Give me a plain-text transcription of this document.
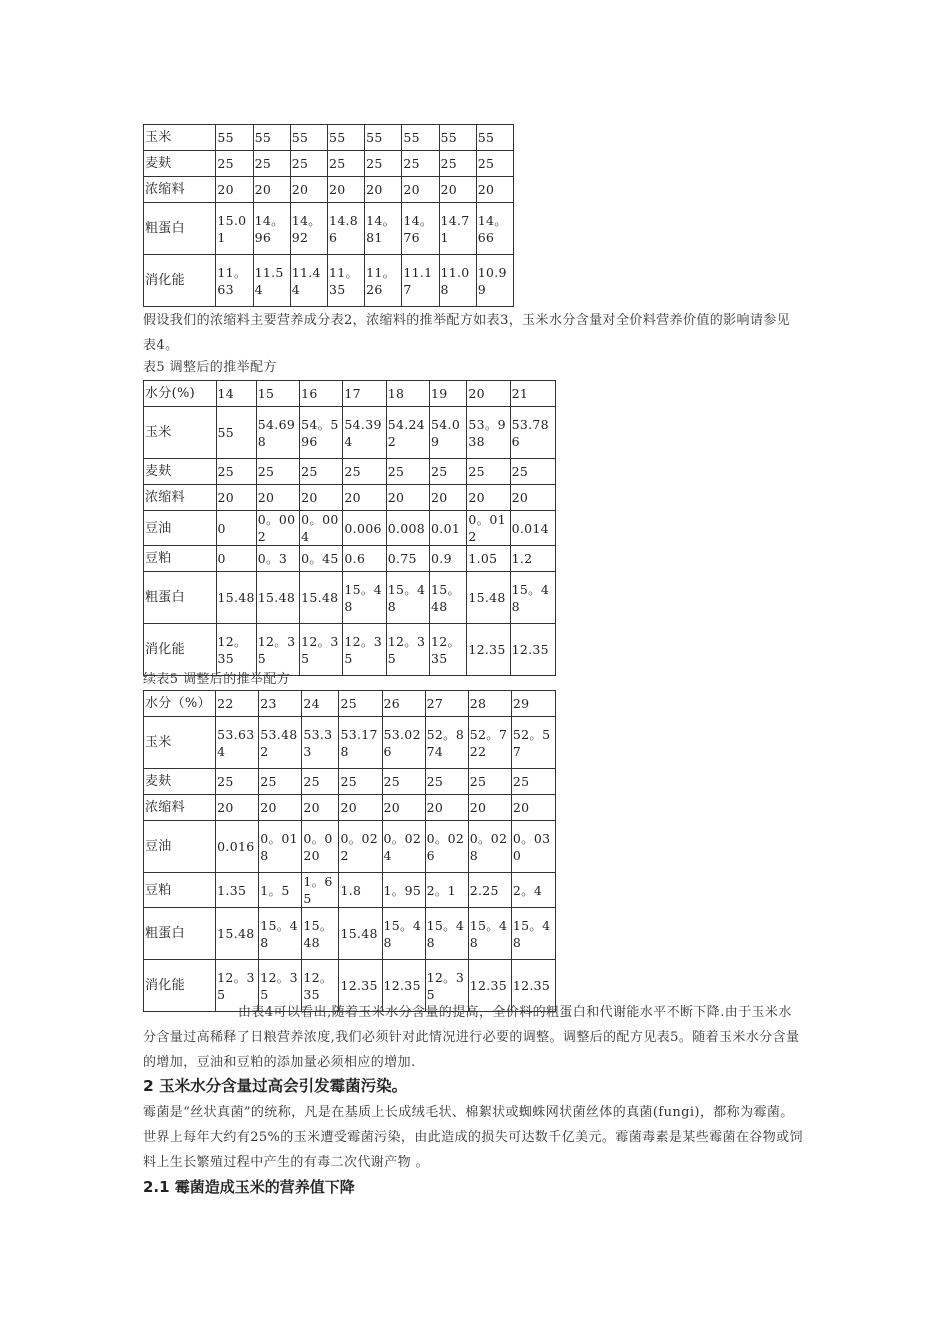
玉米	55	55	55	55	55	55	55	55
麦麸	25	25	25	25	25	25	25	25
浓缩料	20	20	20	20	20	20	20	20
粗蛋白	15.01	14。96	14。92	14.86	14。81	14。76	14.71	14。66
消化能	11。63	11.54	11.44	11。35	11。26	11.17	11.08	10.99

假设我们的浓缩料主要营养成分表2，浓缩料的推举配方如表3，玉米水分含量对全价料营养价值的影响请参见表4。

表5 调整后的推举配方
水分(%)	14	15	16	17	18	19	20	21
玉米	55	54.698	54。596	54.394	54.242	54.09	53。938	53.786
麦麸	25	25	25	25	25	25	25	25
浓缩料	20	20	20	20	20	20	20	20
豆油	0	0。002	0。004	0.006	0.008	0.01	0。012	0.014
豆粕	0	0。3	0。45	0.6	0.75	0.9	1.05	1.2
粗蛋白	15.48	15.48	15.48	15。48	15。48	15。48	15.48	15。48
消化能	12。35	12。35	12。35	12。35	12。35	12。35	12.35	12.35
续表5 调整后的推举配方
水分（%）	22	23	24	25	26	27	28	29
玉米	53.634	53.482	53.33	53.178	53.026	52。874	52。722	52。57
麦麸	25	25	25	25	25	25	25	25
浓缩料	20	20	20	20	20	20	20	20
豆油	0.016	0。018	0。020	0。022	0。024	0。026	0。028	0。030
豆粕	1.35	1。5	1。65	1.8	1。95	2。1	2.25	2。4
粗蛋白	15.48	15。48	15。48	15.48	15。48	15。48	15。48	15。48
消化能	12。35	12。35	12。35	12.35	12.35	12。35	12.35	12.35

由表4可以看出,随着玉米水分含量的提高，全价料的粗蛋白和代谢能水平不断下降.由于玉米水分含量过高稀释了日粮营养浓度,我们必须针对此情况进行必要的调整。调整后的配方见表5。随着玉米水分含量的增加，豆油和豆粕的添加量必须相应的增加.

2 玉米水分含量过高会引发霉菌污染。

霉菌是“丝状真菌”的统称，凡是在基质上长成绒毛状、棉絮状或蜘蛛网状菌丝体的真菌(fungi)，都称为霉菌。世界上每年大约有25%的玉米遭受霉菌污染，由此造成的损失可达数千亿美元。霉菌毒素是某些霉菌在谷物或饲料上生长繁殖过程中产生的有毒二次代谢产物 。

2.1 霉菌造成玉米的营养值下降
